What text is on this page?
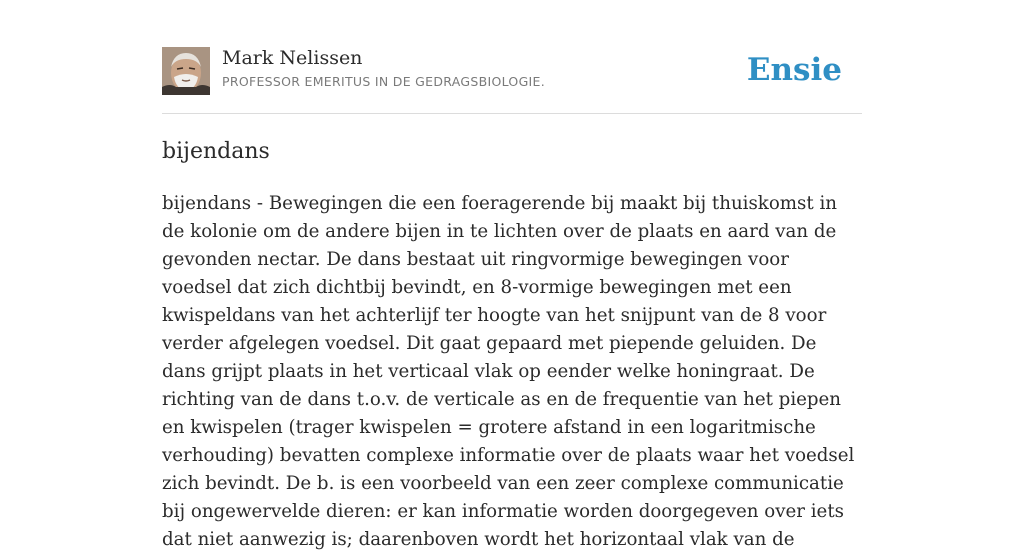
Mark Nelissen
PROFESSOR EMERITUS IN DE GEDRAGSBIOLOGIE.	Ensie
bijendans

bijendans - Bewegingen die een foeragerende bij maakt bij thuiskomst in de kolonie om de andere bijen in te lichten over de plaats en aard van de gevonden nectar. De dans bestaat uit ringvormige bewegingen voor voedsel dat zich dichtbij bevindt, en 8-vormige bewegingen met een kwispeldans van het achterlijf ter hoogte van het snijpunt van de 8 voor verder afgelegen voedsel. Dit gaat gepaard met piepende geluiden. De dans grijpt plaats in het verticaal vlak op eender welke honingraat. De richting van de dans t.o.v. de verticale as en de frequentie van het piepen en kwispelen (trager kwispelen = grotere afstand in een logaritmische verhouding) bevatten complexe informatie over de plaats waar het voedsel zich bevindt. De b. is een voorbeeld van een zeer complexe communicatie bij ongewervelde dieren: er kan informatie worden doorgegeven over iets dat niet aanwezig is; daarenboven wordt het horizontaal vlak van de
